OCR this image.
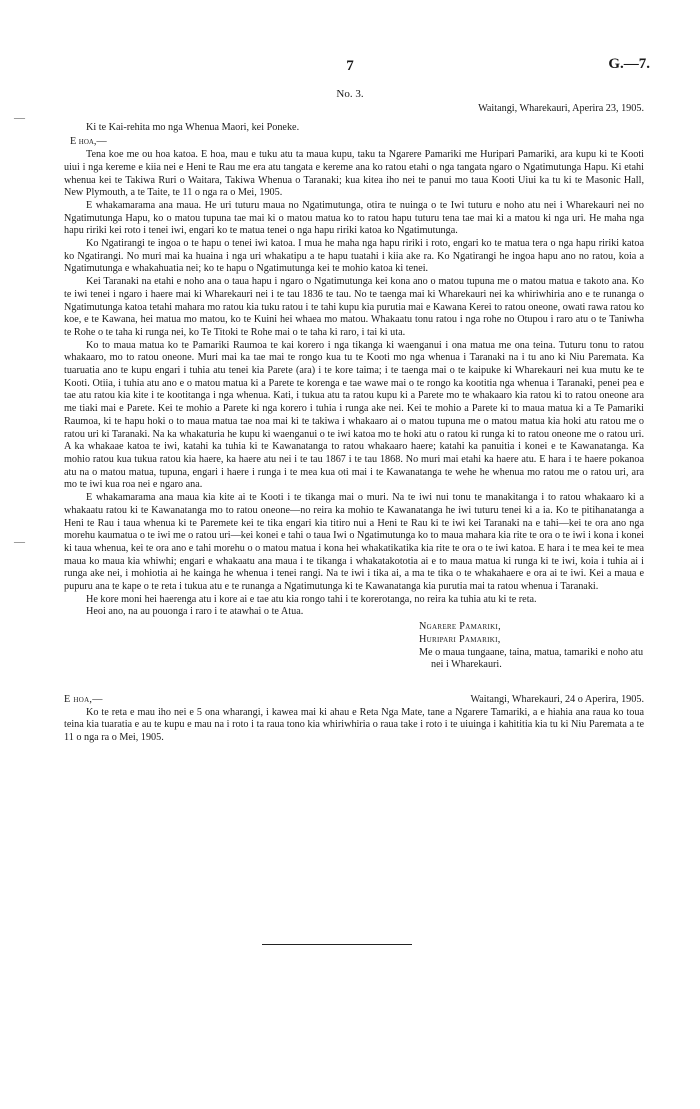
7	G.—7.
No. 3.
—
—
Waitangi, Wharekauri, Aperira 23, 1905.
Ki te Kai-rehita mo nga Whenua Maori, kei Poneke.
E hoa,—

Tena koe me ou hoa katoa. E hoa, mau e tuku atu ta maua kupu, taku ta Ngarere Pamariki me Huripari Pamariki, ara kupu ki te Kooti uiui i nga kereme e kiia nei e Heni te Rau me era atu tangata e kereme ana ko ratou etahi o nga tangata ngaro o Ngatimutunga Hapu. Ki etahi whenua kei te Takiwa Ruri o Waitara, Takiwa Whenua o Taranaki; kua kitea iho nei te panui mo taua Kooti Uiui ka tu ki te Masonic Hall, New Plymouth, a te Taite, te 11 o nga ra o Mei, 1905.

E whakamarama ana maua. He uri tuturu maua no Ngatimutunga, otira te nuinga o te Iwi tuturu e noho atu nei i Wharekauri nei no Ngatimutunga Hapu, ko o matou tupuna tae mai ki o matou matua ko to ratou hapu tuturu tena tae mai ki a matou ki nga uri. He maha nga hapu ririki kei roto i tenei iwi, engari ko te matua tenei o nga hapu ririki katoa ko Ngatimutunga.

Ko Ngatirangi te ingoa o te hapu o tenei iwi katoa. I mua he maha nga hapu ririki i roto, engari ko te matua tera o nga hapu ririki katoa ko Ngatirangi. No muri mai ka huaina i nga uri whakatipu a te hapu tuatahi i kiia ake ra. Ko Ngatirangi he ingoa hapu ano no ratou, koia a Ngatimutunga e whakahuatia nei; ko te hapu o Ngatimutunga kei te mohio katoa ki tenei.

Kei Taranaki na etahi e noho ana o taua hapu i ngaro o Ngatimutunga kei kona ano o matou tupuna me o matou matua e takoto ana. Ko te iwi tenei i ngaro i haere mai ki Wharekauri nei i te tau 1836 te tau. No te taenga mai ki Wharekauri nei ka whiriwhiria ano e te runanga o Ngatimutunga katoa tetahi mahara mo ratou kia tuku ratou i te tahi kupu kia purutia mai e Kawana Kerei to ratou oneone, owati rawa ratou ko koe, e te Kawana, hei matua mo matou, ko te Kuini hei whaea mo matou. Whakaatu tonu ratou i nga rohe no Otupou i raro atu o te Taniwha te Rohe o te taha ki runga nei, ko Te Titoki te Rohe mai o te taha ki raro, i tai ki uta.

Ko to maua matua ko te Pamariki Raumoa te kai korero i nga tikanga ki waenganui i ona matua me ona teina. Tuturu tonu to ratou whakaaro, mo to ratou oneone. Muri mai ka tae mai te rongo kua tu te Kooti mo nga whenua i Taranaki na i tu ano ki Niu Paremata. Ka tuaruatia ano te kupu engari i tuhia atu tenei kia Parete (ara) i te kore taima; i te taenga mai o te kaipuke ki Wharekauri nei kua mutu ke te Kooti. Otiia, i tuhia atu ano e o matou matua ki a Parete te korenga e tae wawe mai o te rongo ka kootitia nga whenua i Taranaki, penei pea e tae atu ratou kia kite i te kootitanga i nga whenua. Kati, i tukua atu ta ratou kupu ki a Parete mo te whakaaro kia ratou ki to ratou oneone ara me tiaki mai e Parete. Kei te mohio a Parete ki nga korero i tuhia i runga ake nei. Kei te mohio a Parete ki to maua matua ki a Te Pamariki Raumoa, ki te hapu hoki o to maua matua tae noa mai ki te takiwa i whakaaro ai o matou tupuna me o matou matua kia hoki atu ratou me o ratou uri ki Taranaki. Na ka whakaturia he kupu ki waenganui o te iwi katoa mo te hoki atu o ratou ki runga ki to ratou oneone me o ratou uri. A ka whakaae katoa te iwi, katahi ka tuhia ki te Kawanatanga to ratou whakaaro haere; katahi ka panuitia i konei e te Kawanatanga. Ka mohio ratou kua tukua ratou kia haere, ka haere atu nei i te tau 1867 i te tau 1868. No muri mai etahi ka haere atu. E hara i te haere pokanoa atu na o matou matua, tupuna, engari i haere i runga i te mea kua oti mai i te Kawanatanga te wehe he whenua mo ratou me o ratou uri, ara mo te iwi kua roa nei e ngaro ana.

E whakamarama ana maua kia kite ai te Kooti i te tikanga mai o muri. Na te iwi nui tonu te manakitanga i to ratou whakaaro ki a whakaatu ratou ki te Kawanatanga mo to ratou oneone—no reira ka mohio te Kawanatanga he iwi tuturu tenei ki a ia. Ko te pitihanatanga a Heni te Rau i taua whenua ki te Paremete kei te tika engari kia titiro nui a Heni te Rau ki te iwi kei Taranaki na e tahi—kei te ora ano nga morehu kaumatua o te iwi me o ratou uri—kei konei e tahi o taua Iwi o Ngatimutunga ko to maua mahara kia rite te ora o te iwi i kona i konei ki taua whenua, kei te ora ano e tahi morehu o o matou matua i kona hei whakatikatika kia rite te ora o te iwi katoa. E hara i te mea kei te mea maua ko maua kia whiwhi; engari e whakaatu ana maua i te tikanga i whakatakototia ai e to maua matua ki runga ki te iwi, koia i tuhia ai i runga ake nei, i mohiotia ai he kainga he whenua i tenei rangi. Na te iwi i tika ai, a ma te tika o te whakahaere e ora ai te iwi. Kei a maua e pupuru ana te kape o te reta i tukua atu e te runanga a Ngatimutunga ki te Kawanatanga kia purutia mai ta ratou whenua i Taranaki.

He kore moni hei haerenga atu i kore ai e tae atu kia rongo tahi i te korerotanga, no reira ka tuhia atu ki te reta.

Heoi ano, na au pouonga i raro i te atawhai o te Atua.

Ngarere Pamariki,
Huripari Pamariki,
Me o maua tungaane, taina, matua, tamariki e noho atu nei i Wharekauri.
E hoa,—	Waitangi, Wharekauri, 24 o Aperira, 1905.

Ko te reta e mau iho nei e 5 ona wharangi, i kawea mai ki ahau e Reta Nga Mate, tane a Ngarere Tamariki, a e hiahia ana raua ko toua teina kia tuaratia e au te kupu e mau na i roto i ta raua tono kia whiriwhiria o raua take i roto i te uiuinga i kahititia kia tu ki Niu Paremata a te 11 o nga ra o Mei, 1905.
